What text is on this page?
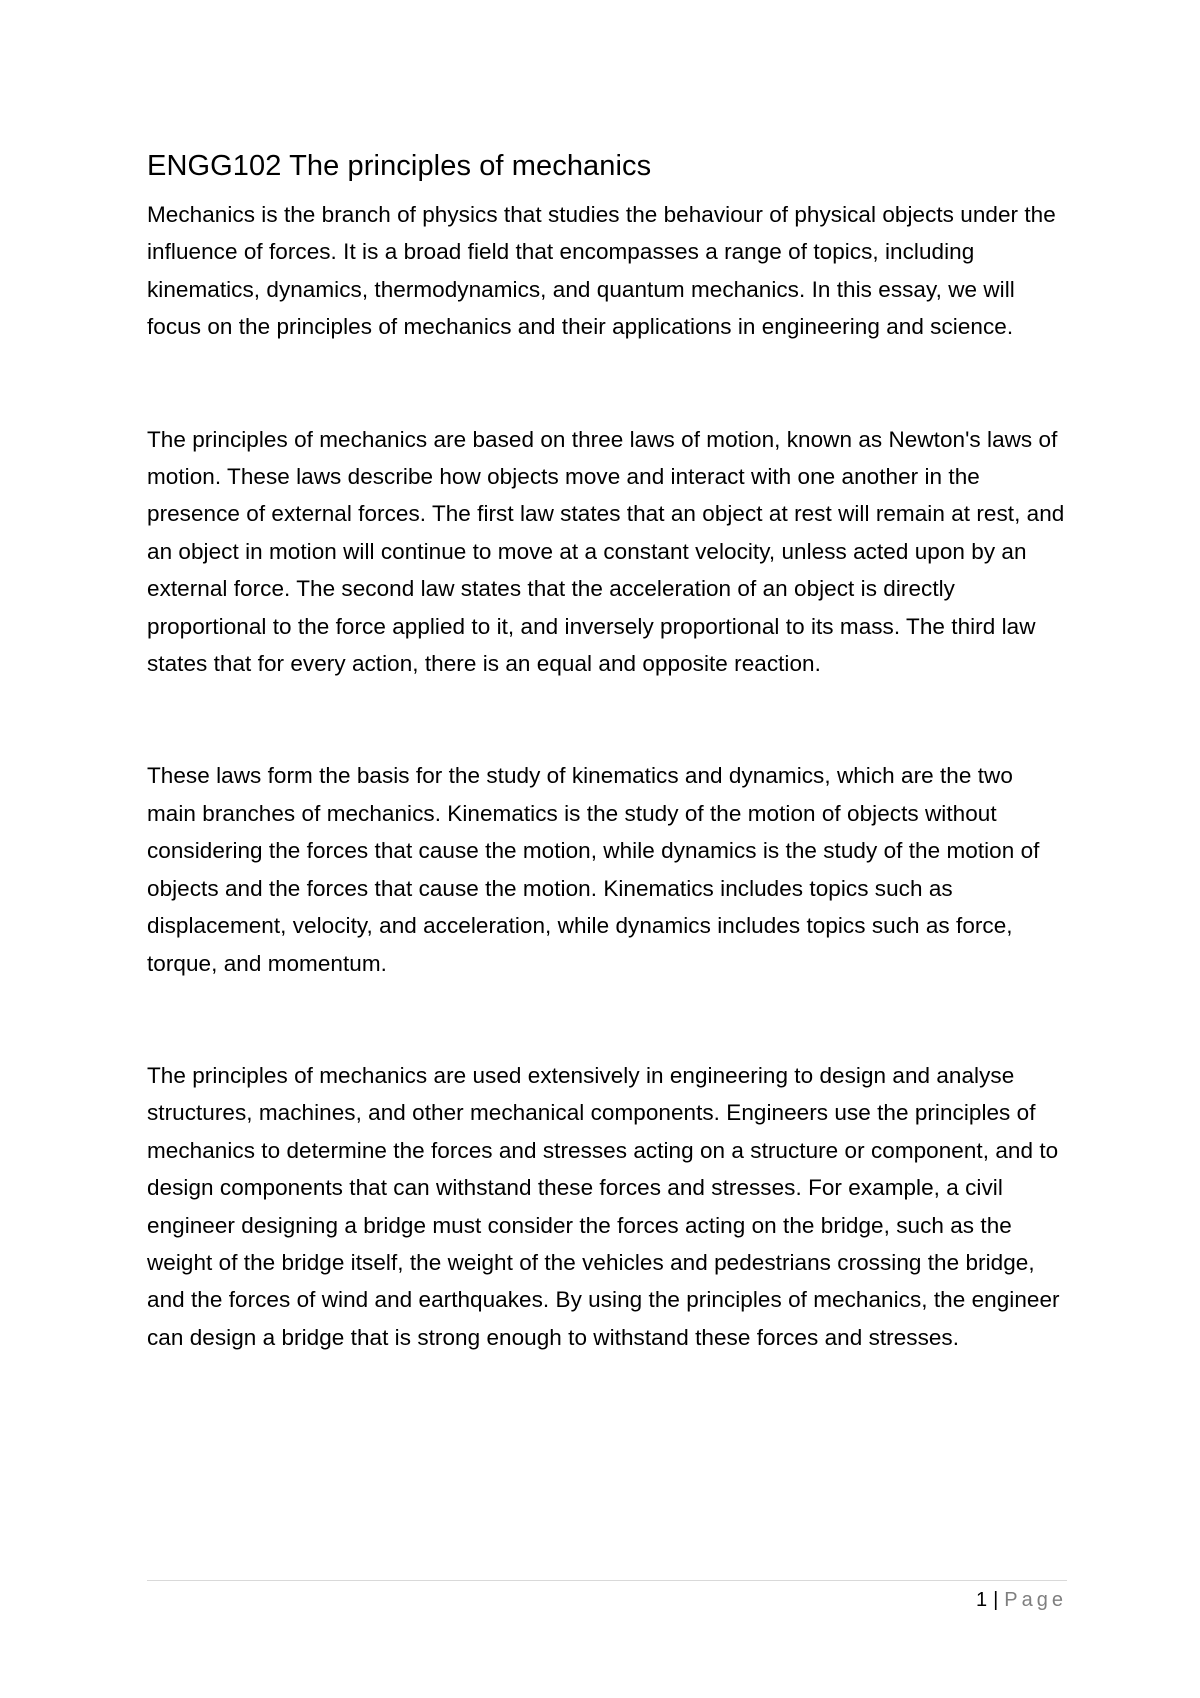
ENGG102 The principles of mechanics

Mechanics is the branch of physics that studies the behaviour of physical objects under the influence of forces. It is a broad field that encompasses a range of topics, including kinematics, dynamics, thermodynamics, and quantum mechanics. In this essay, we will focus on the principles of mechanics and their applications in engineering and science.

The principles of mechanics are based on three laws of motion, known as Newton's laws of motion. These laws describe how objects move and interact with one another in the presence of external forces. The first law states that an object at rest will remain at rest, and an object in motion will continue to move at a constant velocity, unless acted upon by an external force. The second law states that the acceleration of an object is directly proportional to the force applied to it, and inversely proportional to its mass. The third law states that for every action, there is an equal and opposite reaction.

These laws form the basis for the study of kinematics and dynamics, which are the two main branches of mechanics. Kinematics is the study of the motion of objects without considering the forces that cause the motion, while dynamics is the study of the motion of objects and the forces that cause the motion. Kinematics includes topics such as displacement, velocity, and acceleration, while dynamics includes topics such as force, torque, and momentum.

The principles of mechanics are used extensively in engineering to design and analyse structures, machines, and other mechanical components. Engineers use the principles of mechanics to determine the forces and stresses acting on a structure or component, and to design components that can withstand these forces and stresses. For example, a civil engineer designing a bridge must consider the forces acting on the bridge, such as the weight of the bridge itself, the weight of the vehicles and pedestrians crossing the bridge, and the forces of wind and earthquakes. By using the principles of mechanics, the engineer can design a bridge that is strong enough to withstand these forces and stresses.

1 | Page
